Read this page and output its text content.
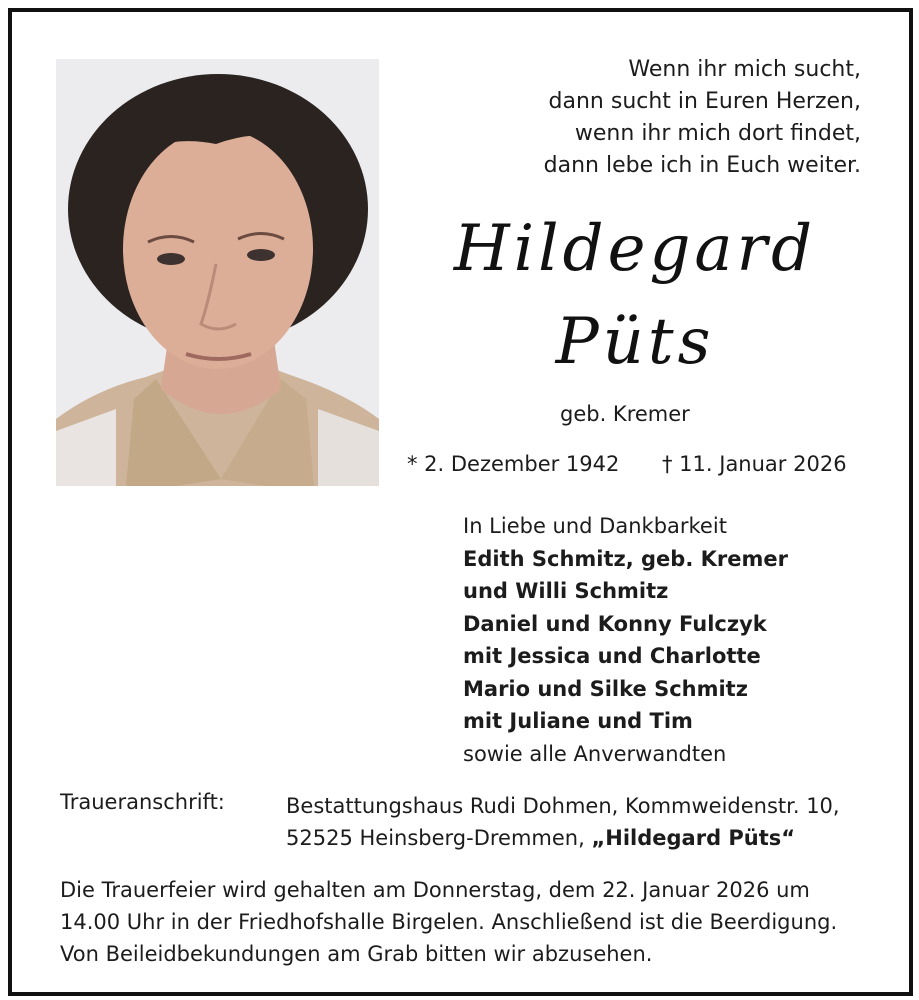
Wenn ihr mich sucht,
dann sucht in Euren Herzen,
wenn ihr mich dort findet,
dann lebe ich in Euch weiter.
Hildegard
Püts
geb. Kremer
* 2. Dezember 1942 † 11. Januar 2026
In Liebe und Dankbarkeit
Edith Schmitz, geb. Kremer
und Willi Schmitz
Daniel und Konny Fulczyk
mit Jessica und Charlotte
Mario und Silke Schmitz
mit Juliane und Tim
sowie alle Anverwandten
Traueranschrift:	Bestattungshaus Rudi Dohmen, Kommweidenstr. 10,
52525 Heinsberg-Dremmen, „Hildegard Püts“
Die Trauerfeier wird gehalten am Donnerstag, dem 22. Januar 2026 um
14.00 Uhr in der Friedhofshalle Birgelen. Anschließend ist die Beerdigung.
Von Beileidbekundungen am Grab bitten wir abzusehen.
